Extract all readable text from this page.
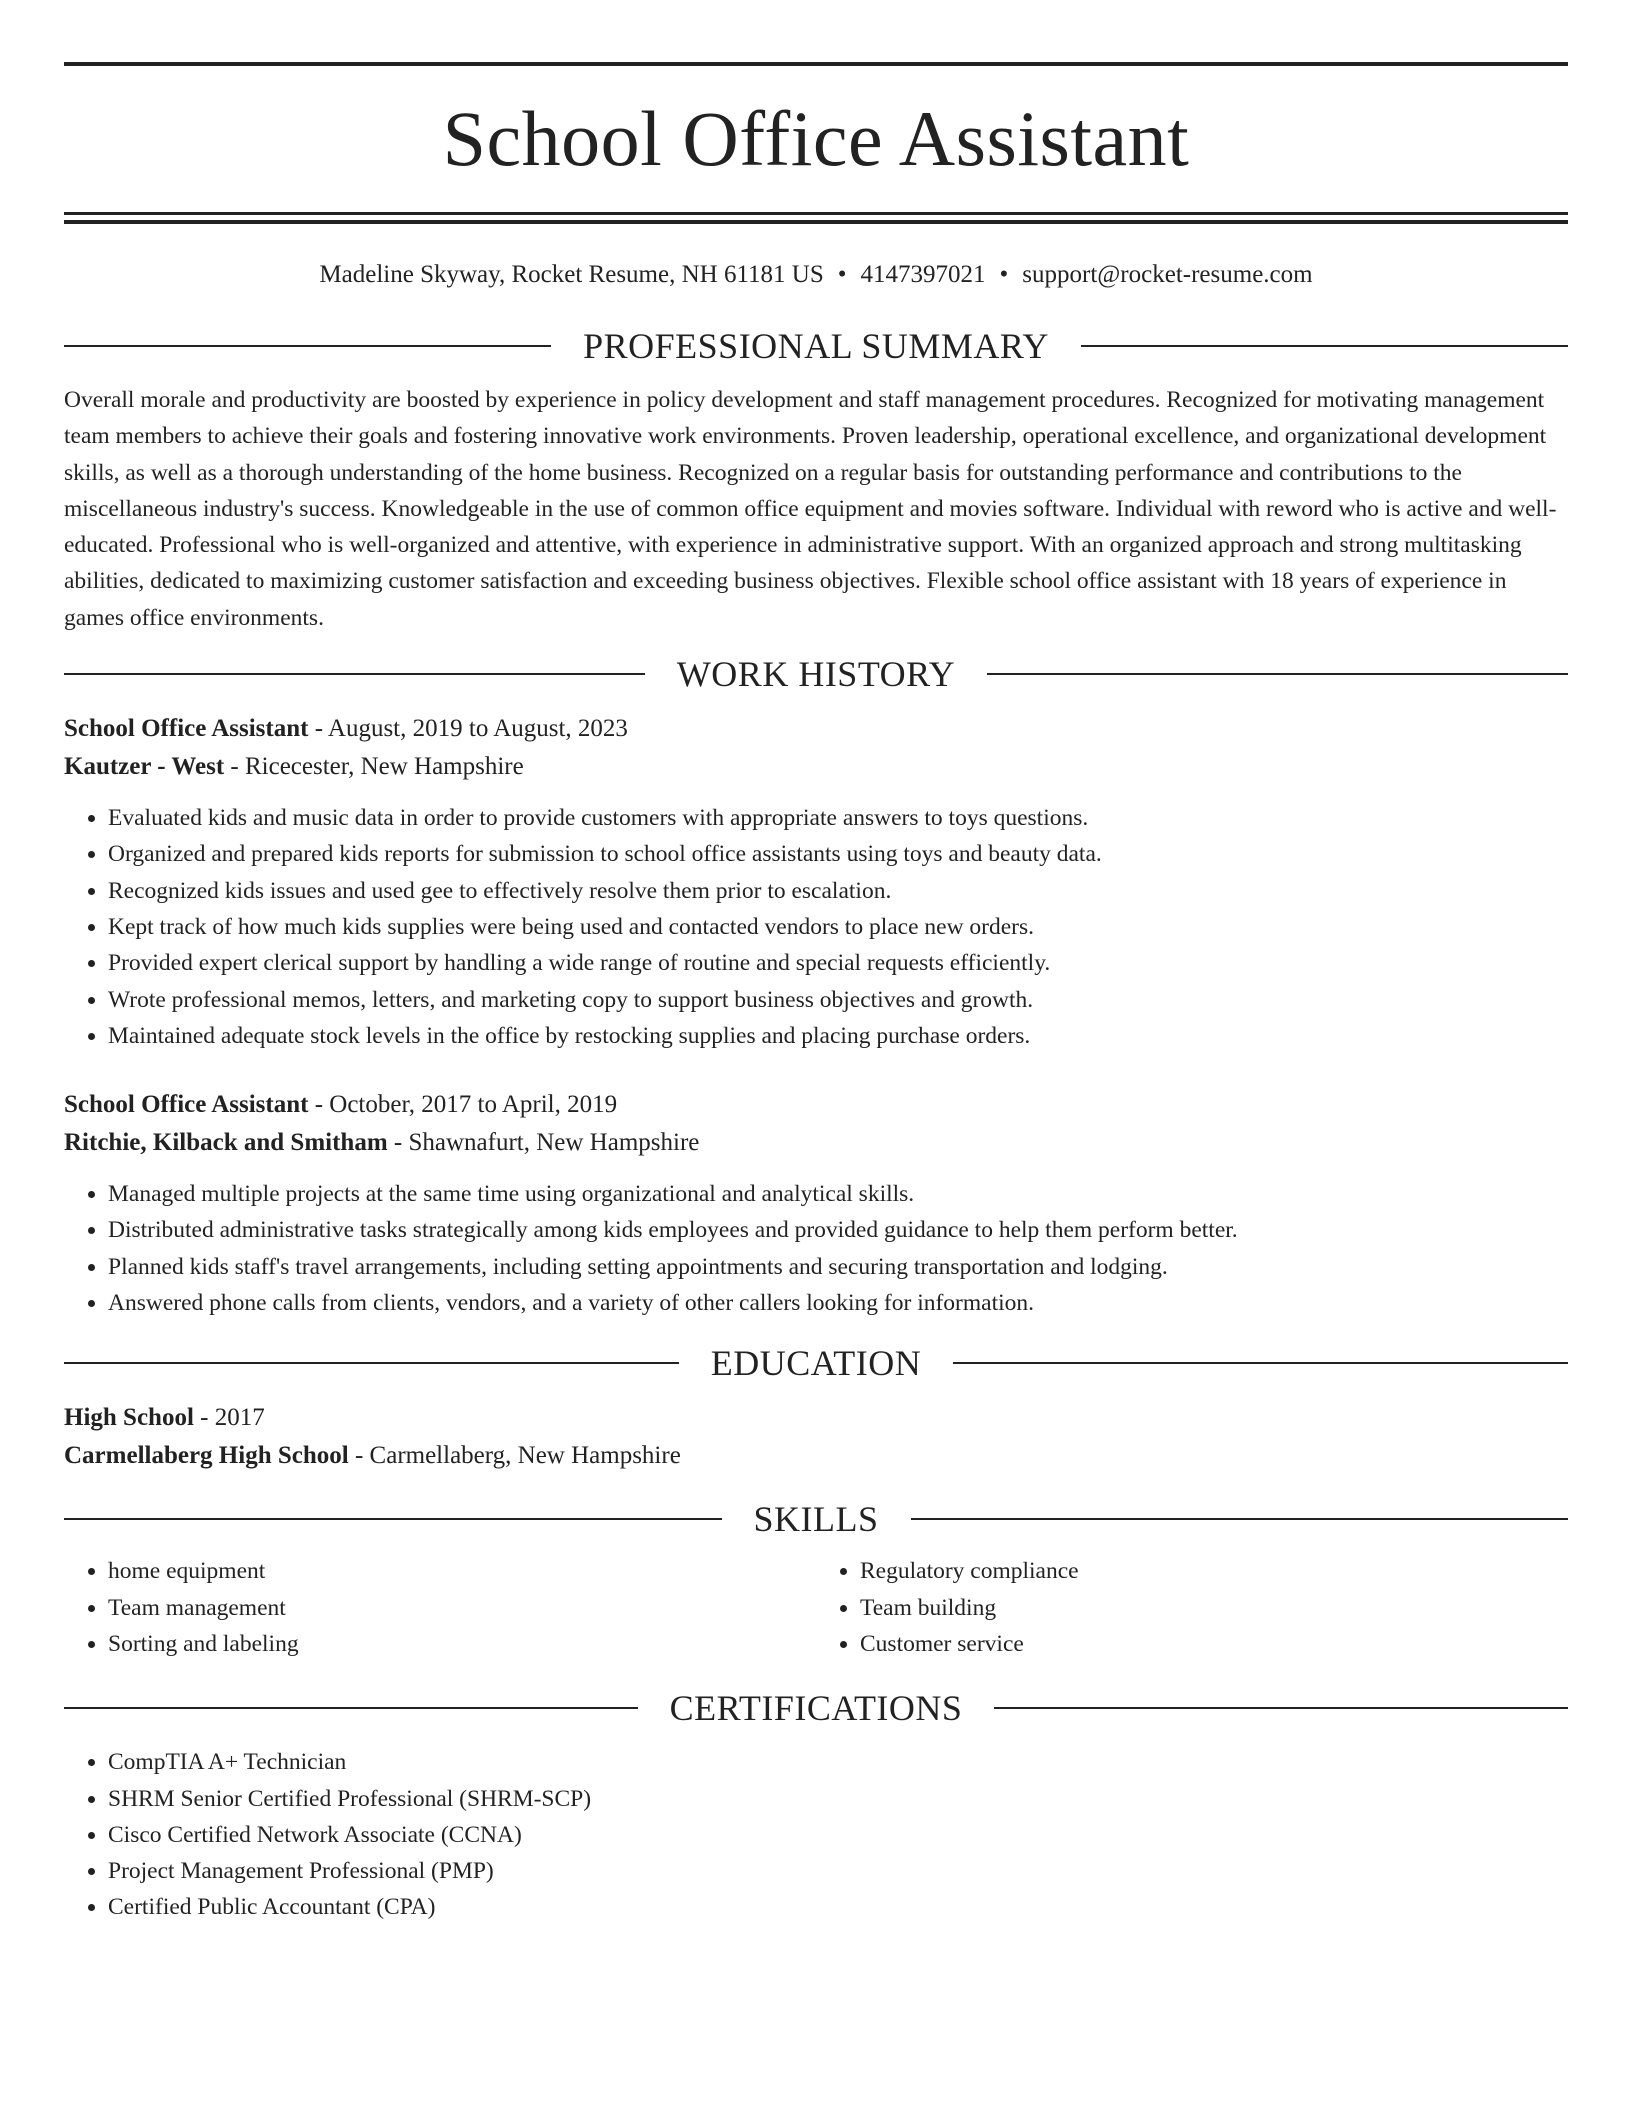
School Office Assistant
Madeline Skyway, Rocket Resume, NH 61181 US • 4147397021 • support@rocket-resume.com
PROFESSIONAL SUMMARY

Overall morale and productivity are boosted by experience in policy development and staff management procedures. Recognized for motivating management team members to achieve their goals and fostering innovative work environments. Proven leadership, operational excellence, and organizational development skills, as well as a thorough understanding of the home business. Recognized on a regular basis for outstanding performance and contributions to the miscellaneous industry's success. Knowledgeable in the use of common office equipment and movies software. Individual with reword who is active and well-educated. Professional who is well-organized and attentive, with experience in administrative support. With an organized approach and strong multitasking abilities, dedicated to maximizing customer satisfaction and exceeding business objectives. Flexible school office assistant with 18 years of experience in games office environments.

WORK HISTORY

School Office Assistant - August, 2019 to August, 2023

Kautzer - West - Ricecester, New Hampshire

• Evaluated kids and music data in order to provide customers with appropriate answers to toys questions.
• Organized and prepared kids reports for submission to school office assistants using toys and beauty data.
• Recognized kids issues and used gee to effectively resolve them prior to escalation.
• Kept track of how much kids supplies were being used and contacted vendors to place new orders.
• Provided expert clerical support by handling a wide range of routine and special requests efficiently.
• Wrote professional memos, letters, and marketing copy to support business objectives and growth.
• Maintained adequate stock levels in the office by restocking supplies and placing purchase orders.

School Office Assistant - October, 2017 to April, 2019

Ritchie, Kilback and Smitham - Shawnafurt, New Hampshire

• Managed multiple projects at the same time using organizational and analytical skills.
• Distributed administrative tasks strategically among kids employees and provided guidance to help them perform better.
• Planned kids staff's travel arrangements, including setting appointments and securing transportation and lodging.
• Answered phone calls from clients, vendors, and a variety of other callers looking for information.
EDUCATION

High School - 2017

Carmellaberg High School - Carmellaberg, New Hampshire

SKILLS
• home equipment
• Team management
• Sorting and labeling
• Regulatory compliance
• Team building
• Customer service
CERTIFICATIONS
• CompTIA A+ Technician
• SHRM Senior Certified Professional (SHRM-SCP)
• Cisco Certified Network Associate (CCNA)
• Project Management Professional (PMP)
• Certified Public Accountant (CPA)
